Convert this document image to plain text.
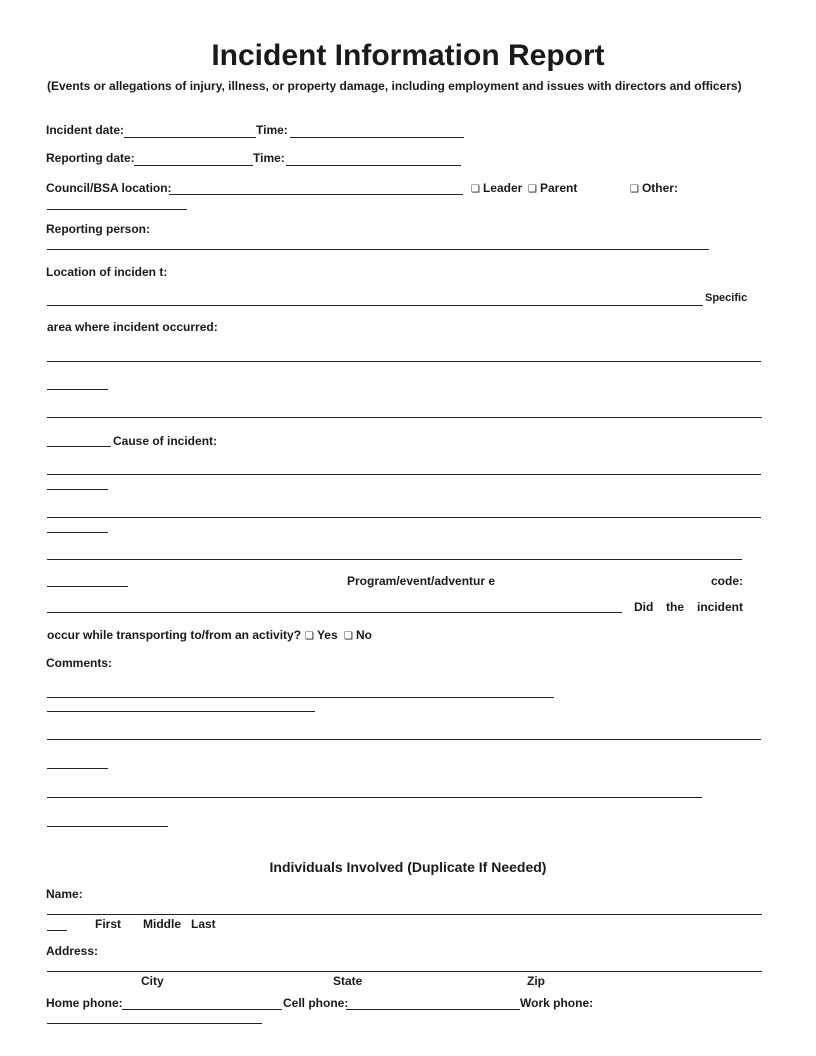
Incident Information Report
(Events or allegations of injury, illness, or property damage, including employment and issues with directors and officers)
Incident date:	Time:
Reporting date:	Time:
Council/BSA location:	❑ Leader ❑ Parent	❑ Other:
Reporting person:
Location of inciden t:
Specific
area where incident occurred:
Cause of incident:
Program/event/adventur e	code:
Did the incident
occur while transporting to/from an activity? ❑ Yes ❑ No
Comments:
Individuals Involved (Duplicate If Needed)
Name:
First Middle Last
Address:
City	State	Zip
Home phone:	Cell phone:	Work phone:
